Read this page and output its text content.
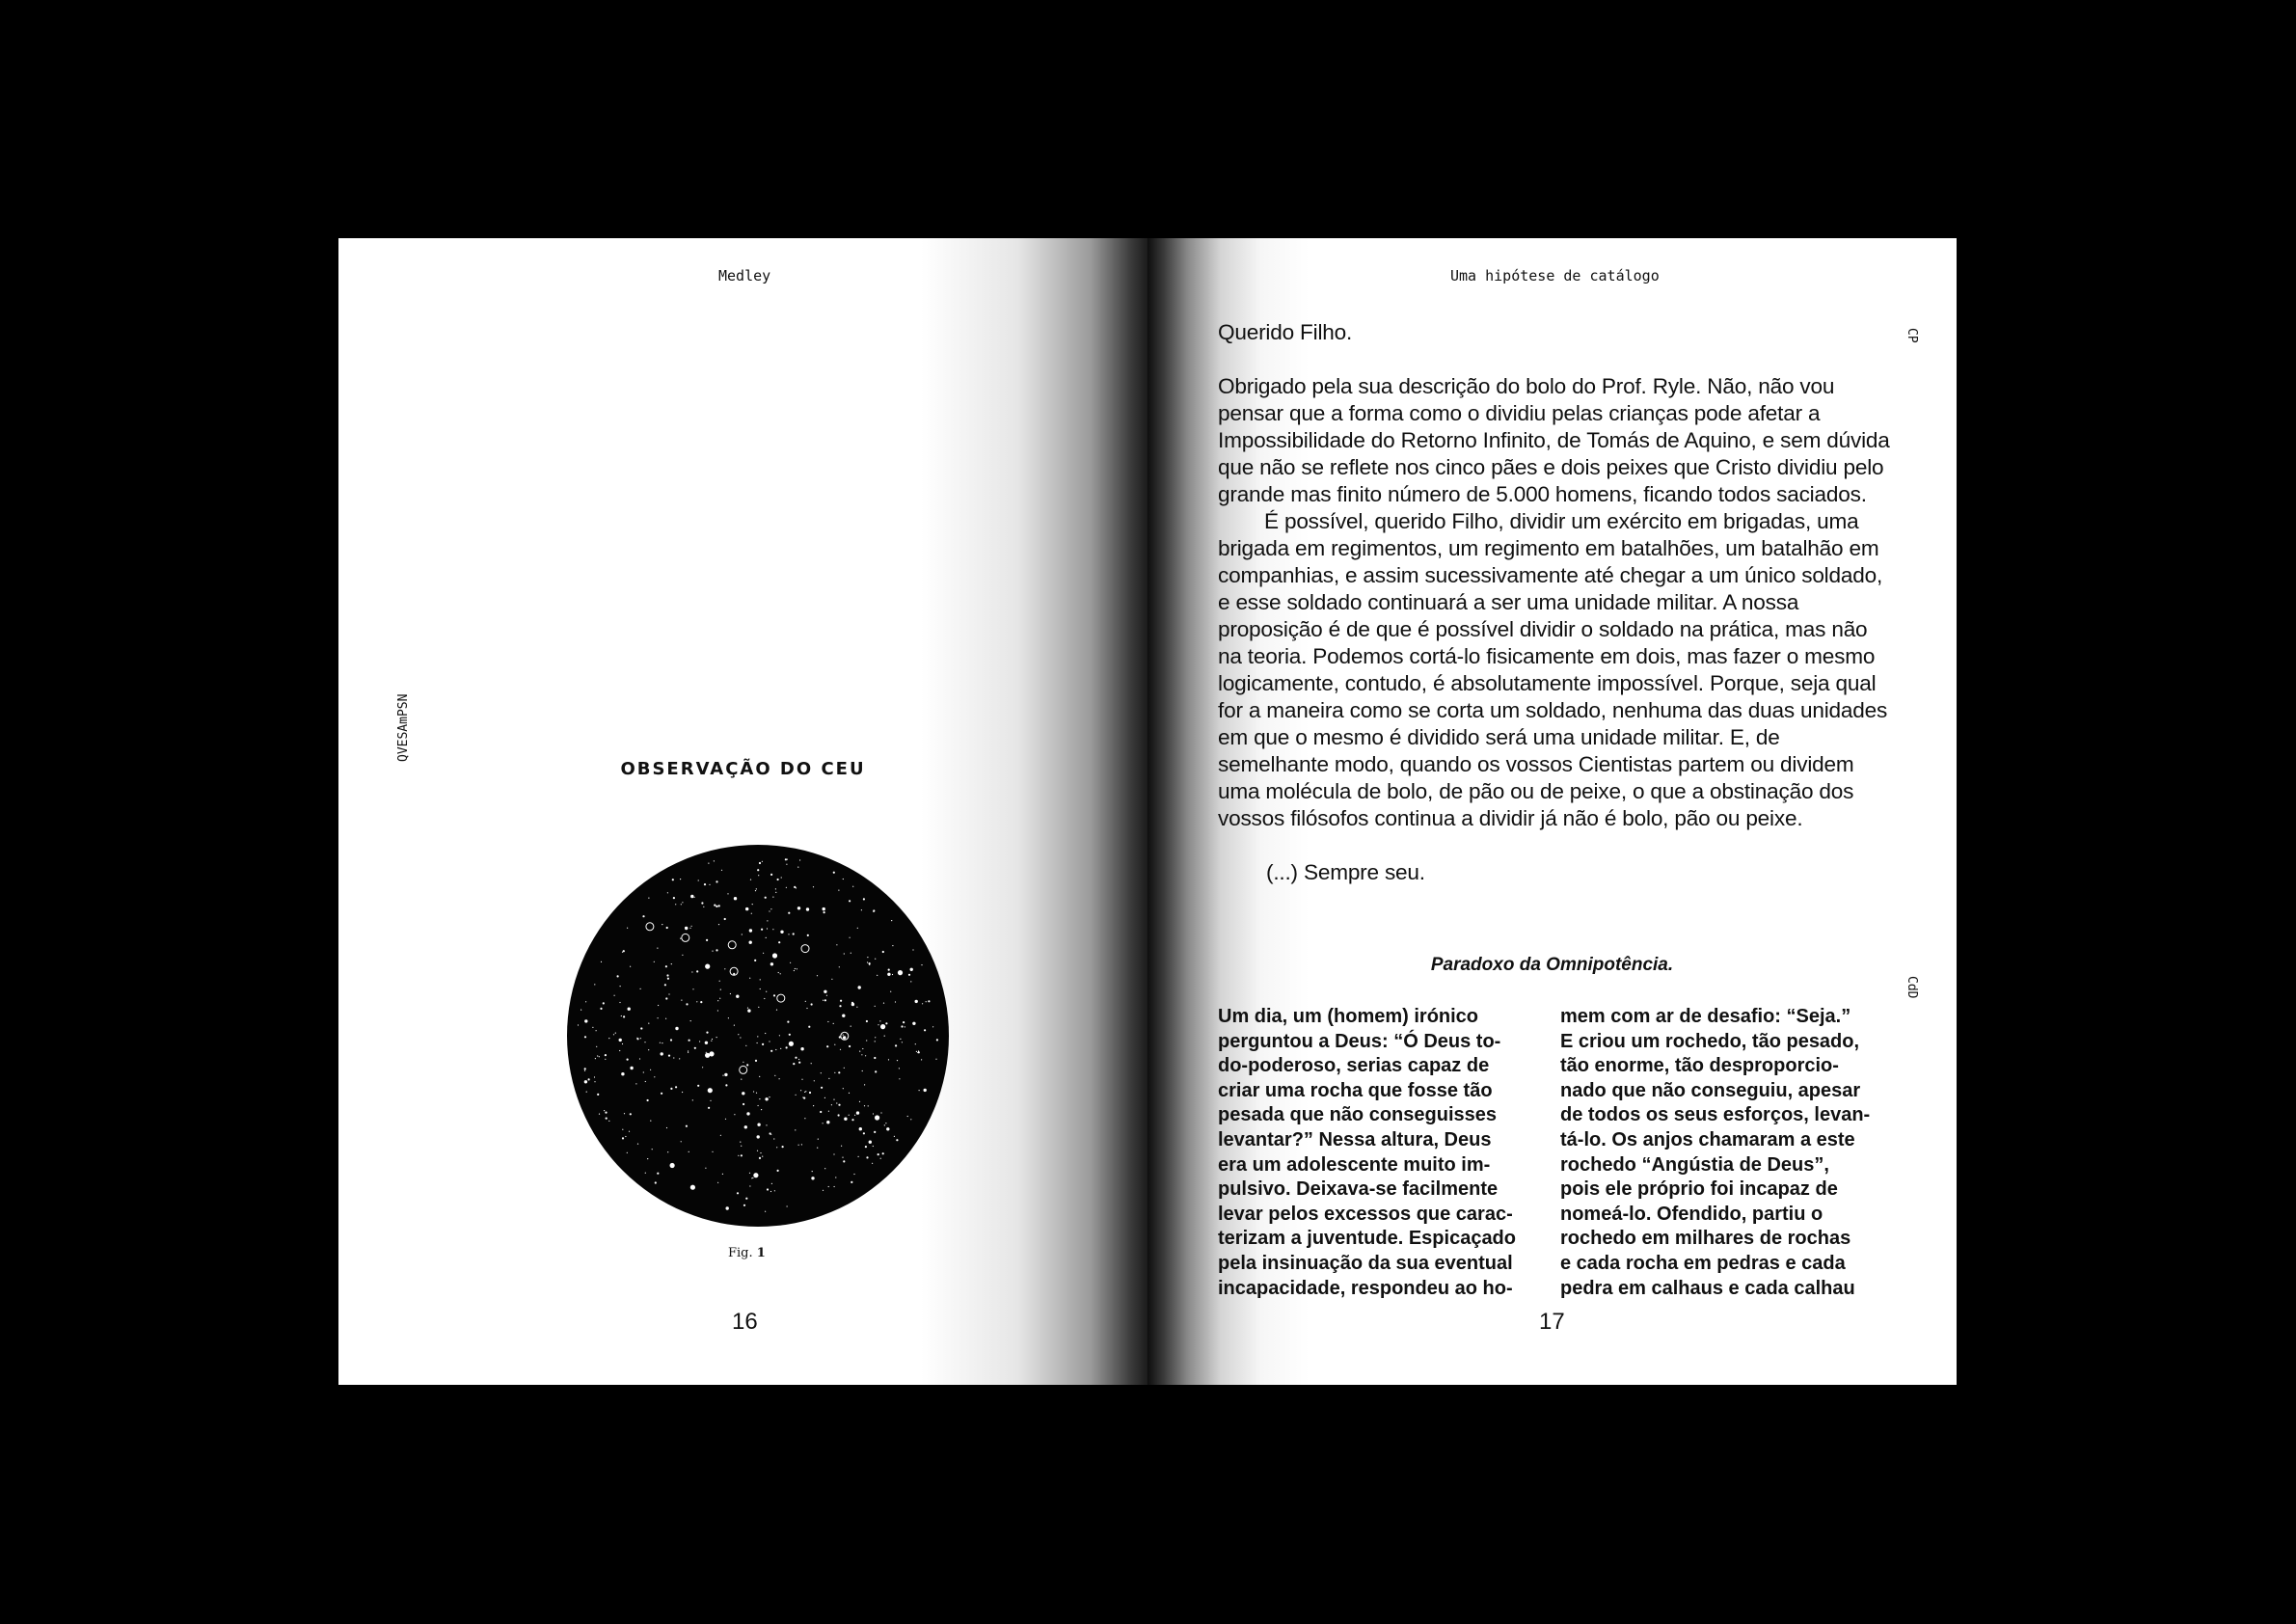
Medley
OBSERVAÇÃO DO CEU
Fig. 1
16
Uma hipótese de catálogo

Querido Filho.

Obrigado pela sua descrição do bolo do Prof. Ryle. Não, não vou pensar que a forma como o dividiu pelas crianças pode afetar a Impossibilidade do Retorno Infinito, de Tomás de Aquino, e sem dúvida que não se reflete nos cinco pães e dois peixes que Cristo dividiu pelo grande mas finito número de 5.000 homens, ficando todos saciados.

É possível, querido Filho, dividir um exército em brigadas, uma brigada em regimentos, um regimento em batalhões, um batalhão em companhias, e assim sucessivamente até chegar a um único soldado, e esse soldado continuará a ser uma unidade militar. A nossa proposição é de que é possível dividir o soldado na prática, mas não na teoria. Podemos cortá-lo fisicamente em dois, mas fazer o mesmo logicamente, contudo, é absolutamente impossível. Porque, seja qual for a maneira como se corta um soldado, nenhuma das duas unidades em que o mesmo é dividido será uma unidade militar. E, de semelhante modo, quando os vossos Cientistas partem ou dividem uma molécula de bolo, de pão ou de peixe, o que a obstinação dos vossos filósofos continua a dividir já não é bolo, pão ou peixe.

(...) Sempre seu.

Paradoxo da Omnipotência.
Um dia, um (homem) irónico
perguntou a Deus: “Ó Deus to-
do-poderoso, serias capaz de
criar uma rocha que fosse tão
pesada que não conseguisses
levantar?” Nessa altura, Deus
era um adolescente muito im-
pulsivo. Deixava-se facilmente
levar pelos excessos que carac-
terizam a juventude. Espicaçado
pela insinuação da sua eventual
incapacidade, respondeu ao ho-
mem com ar de desafio: “Seja.”
E criou um rochedo, tão pesado,
tão enorme, tão desproporcio-
nado que não conseguiu, apesar
de todos os seus esforços, levan-
tá-lo. Os anjos chamaram a este
rochedo “Angústia de Deus”,
pois ele próprio foi incapaz de
nomeá-lo. Ofendido, partiu o
rochedo em milhares de rochas
e cada rocha em pedras e cada
pedra em calhaus e cada calhau
17
QVESAmPSN
CP
CdD
